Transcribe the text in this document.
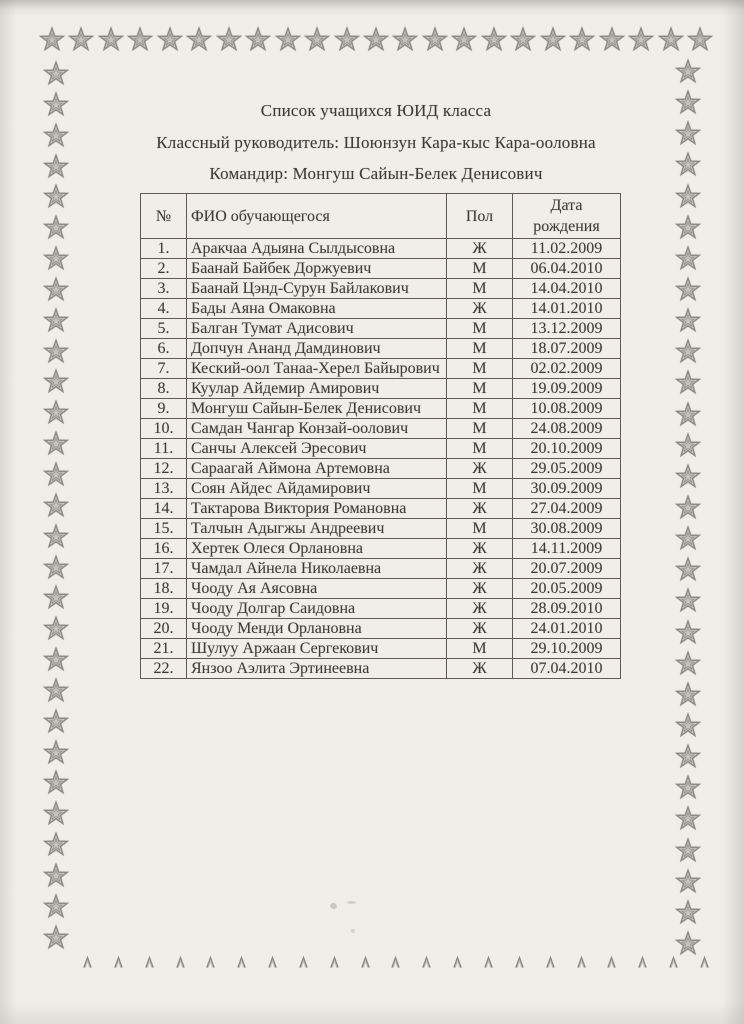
Список учащихся ЮИД класса
Классный руководитель: Шоюнзун Кара-кыс Кара-ооловна
Командир: Монгуш Сайын-Белек Денисович
№	ФИО обучающегося	Пол	Дата рождения
1.	Аракчаа Адыяна Сылдысовна	Ж	11.02.2009
2.	Баанай Байбек Доржуевич	М	06.04.2010
3.	Баанай Цэнд-Сурун Байлакович	М	14.04.2010
4.	Бады Аяна Омаковна	Ж	14.01.2010
5.	Балган Тумат Адисович	М	13.12.2009
6.	Допчун Ананд Дамдинович	М	18.07.2009
7.	Кеский-оол Танаа-Херел Байырович	М	02.02.2009
8.	Куулар Айдемир Амирович	М	19.09.2009
9.	Монгуш Сайын-Белек Денисович	М	10.08.2009
10.	Самдан Чангар Конзай-оолович	М	24.08.2009
11.	Санчы Алексей Эресович	М	20.10.2009
12.	Сараагай Аймона Артемовна	Ж	29.05.2009
13.	Соян Айдес Айдамирович	М	30.09.2009
14.	Тактарова Виктория Романовна	Ж	27.04.2009
15.	Талчын Адыгжы Андреевич	М	30.08.2009
16.	Хертек Олеся Орлановна	Ж	14.11.2009
17.	Чамдал Айнела Николаевна	Ж	20.07.2009
18.	Чооду Ая Аясовна	Ж	20.05.2009
19.	Чооду Долгар Саидовна	Ж	28.09.2010
20.	Чооду Менди Орлановна	Ж	24.01.2010
21.	Шулуу Аржаан Сергекович	М	29.10.2009
22.	Янзоо Аэлита Эртинеевна	Ж	07.04.2010
